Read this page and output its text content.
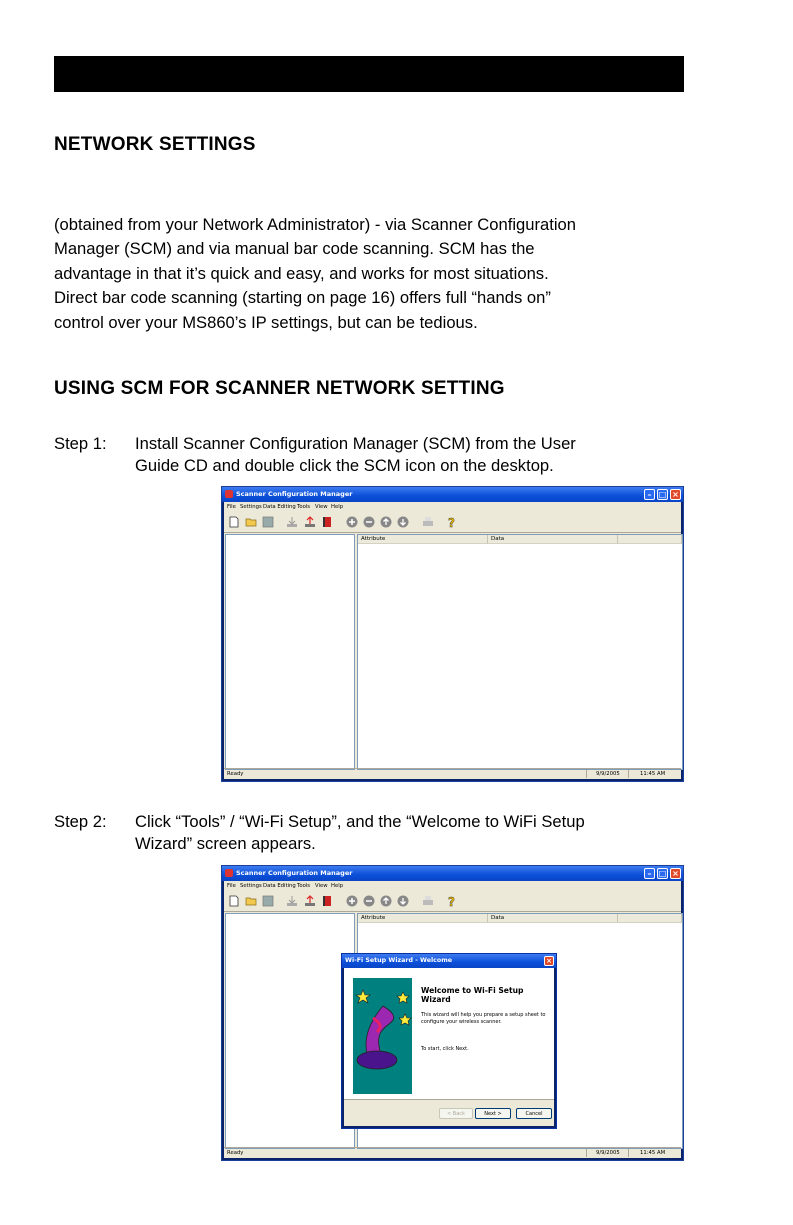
NETWORK SETTINGS
(obtained from your Network Administrator) - via Scanner Configuration
Manager (SCM) and via manual bar code scanning. SCM has the
advantage in that it’s quick and easy, and works for most situations.
Direct bar code scanning (starting on page 16) offers full “hands on”
control over your MS860’s IP settings, but can be tedious.
USING SCM FOR SCANNER NETWORK SETTING
Step 1: Install Scanner Configuration Manager (SCM) from the User
Guide CD and double click the SCM icon on the desktop.
Scanner Configuration Manager	– □ ×
File Settings Data Editing Tools View Help
?
Attribute	Data
Ready	9/9/2005	11:45 AM
Step 2: Click “Tools” / “Wi-Fi Setup”, and the “Welcome to WiFi Setup
Wizard” screen appears.
Scanner Configuration Manager	– □ ×
File Settings Data Editing Tools View Help
?
Attribute	Data
Ready	9/9/2005	11:45 AM
Wi-Fi Setup Wizard - Welcome	×
Welcome to Wi-Fi Setup
Wizard
This wizard will help you prepare a setup sheet to
configure your wireless scanner.
To start, click Next.
< Back	Next >	Cancel
